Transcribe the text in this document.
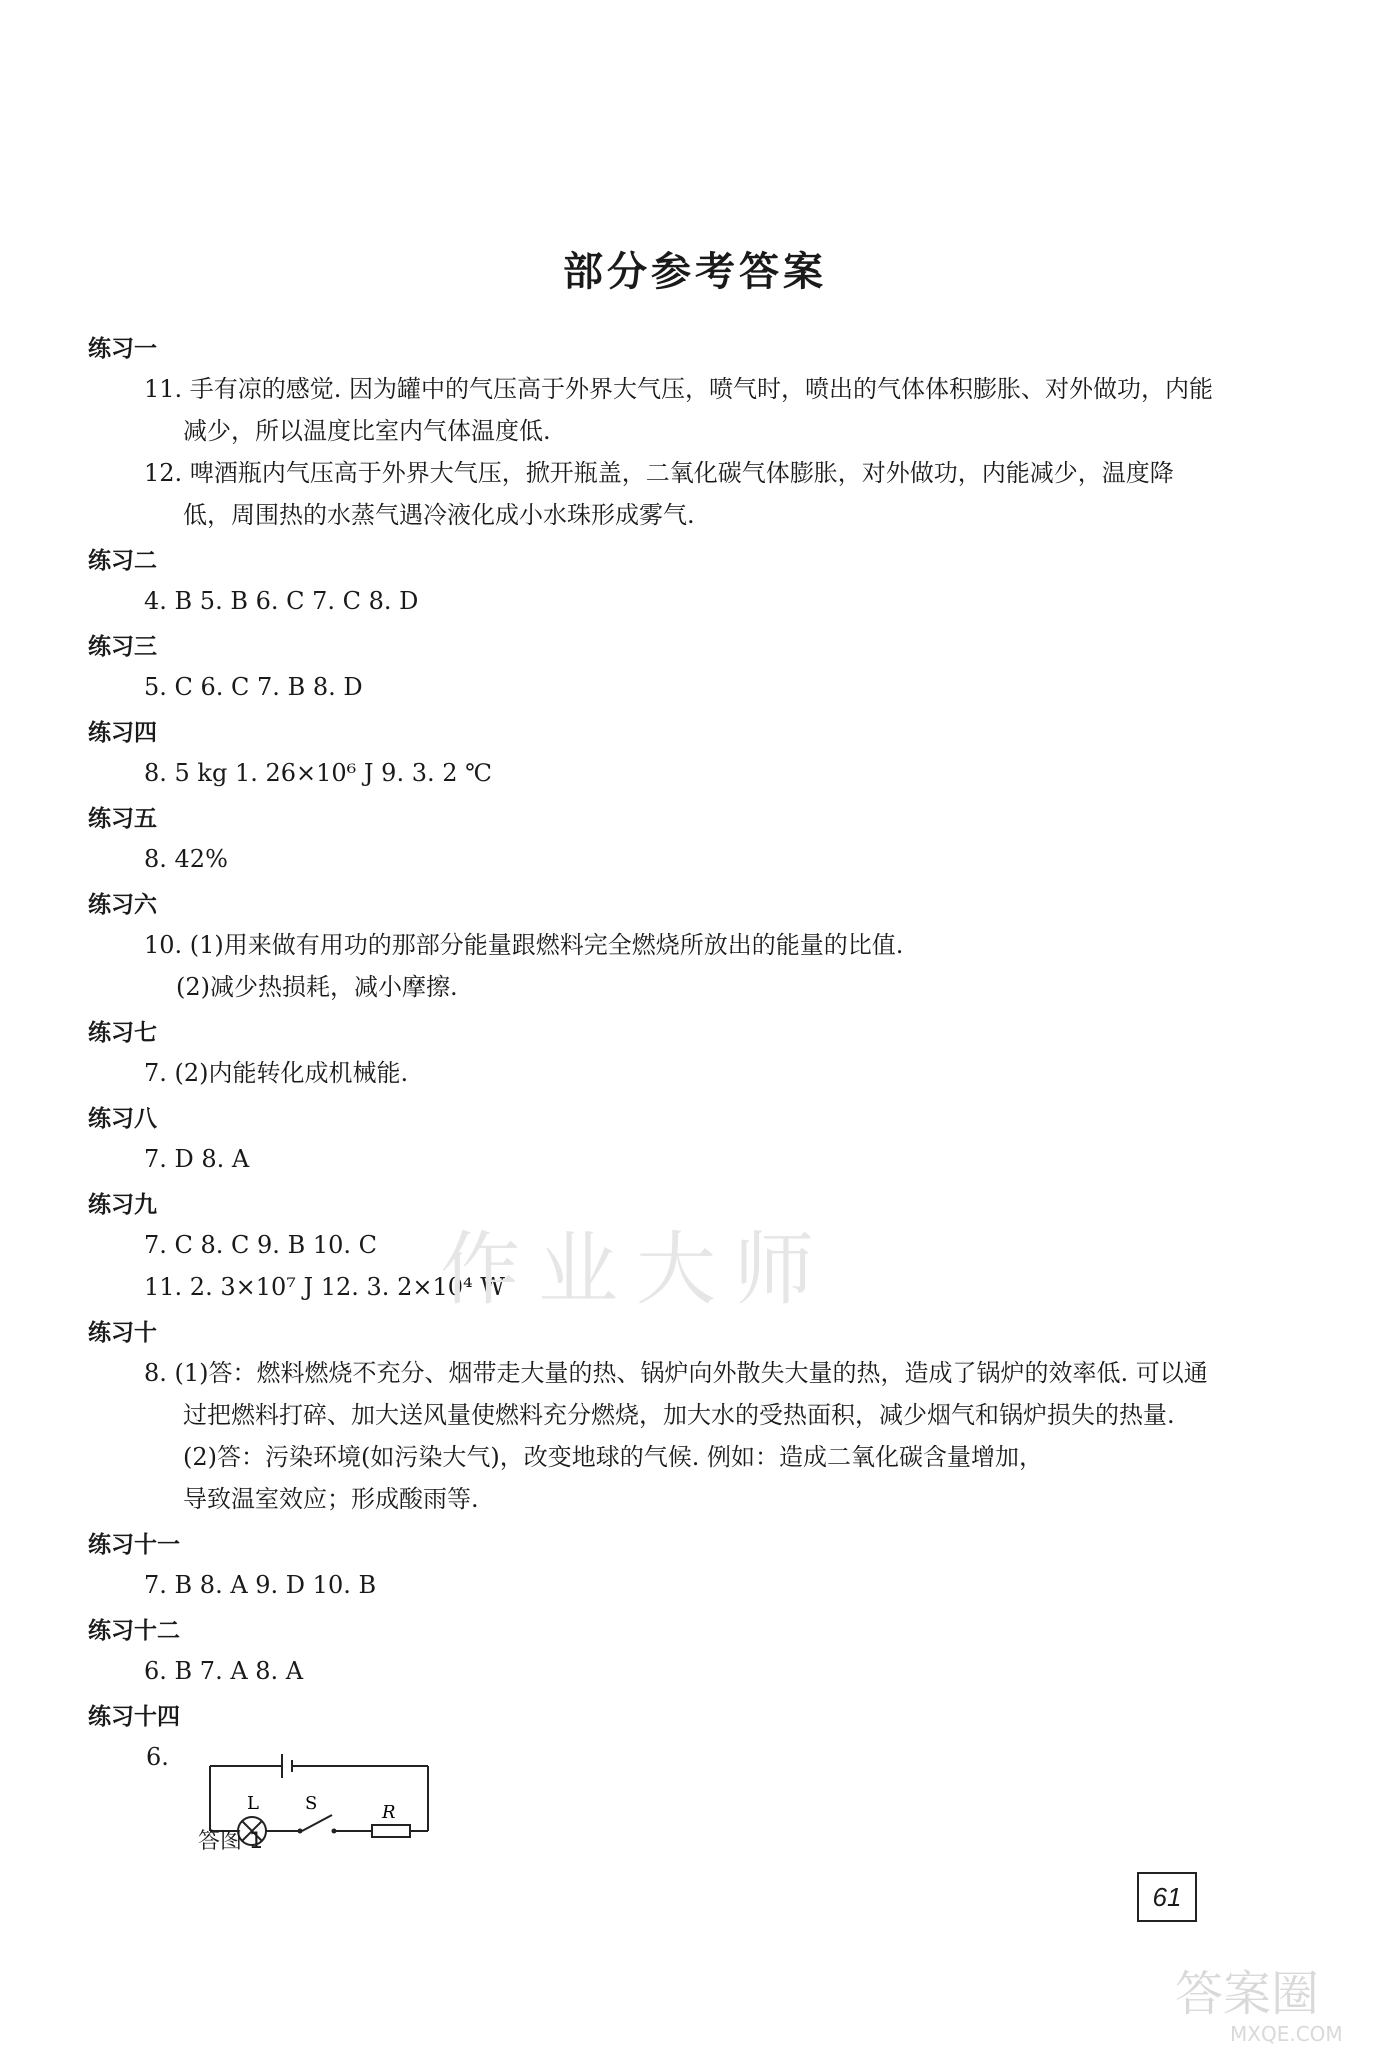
部分参考答案
练习一
11. 手有凉的感觉. 因为罐中的气压高于外界大气压，喷气时，喷出的气体体积膨胀、对外做功，内能减少，所以温度比室内气体温度低.
12. 啤酒瓶内气压高于外界大气压，掀开瓶盖，二氧化碳气体膨胀，对外做功，内能减少，温度降低，周围热的水蒸气遇冷液化成小水珠形成雾气.
练习二
4. B 5. B 6. C 7. C 8. D
练习三
5. C 6. C 7. B 8. D
练习四
8. 5 kg 1. 26×10⁶ J 9. 3. 2 ℃
练习五
8. 42%
练习六
10. (1)用来做有用功的那部分能量跟燃料完全燃烧所放出的能量的比值.
(2)减少热损耗，减小摩擦.
练习七
7. (2)内能转化成机械能.
练习八
7. D 8. A
练习九
7. C 8. C 9. B 10. C
11. 2. 3×10⁷ J 12. 3. 2×10⁴ W
练习十
8. (1)答：燃料燃烧不充分、烟带走大量的热、锅炉向外散失大量的热，造成了锅炉的效率低. 可以通过把燃料打碎、加大送风量使燃料充分燃烧，加大水的受热面积，减少烟气和锅炉损失的热量.
(2)答：污染环境(如污染大气)，改变地球的气候. 例如：造成二氧化碳含量增加，
导致温室效应；形成酸雨等.
练习十一
7. B 8. A 9. D 10. B
练习十二
6. B 7. A 8. A
练习十四
6.
L	S	R
答图 1
61
作业大师
答案圈
MXQE.COM
